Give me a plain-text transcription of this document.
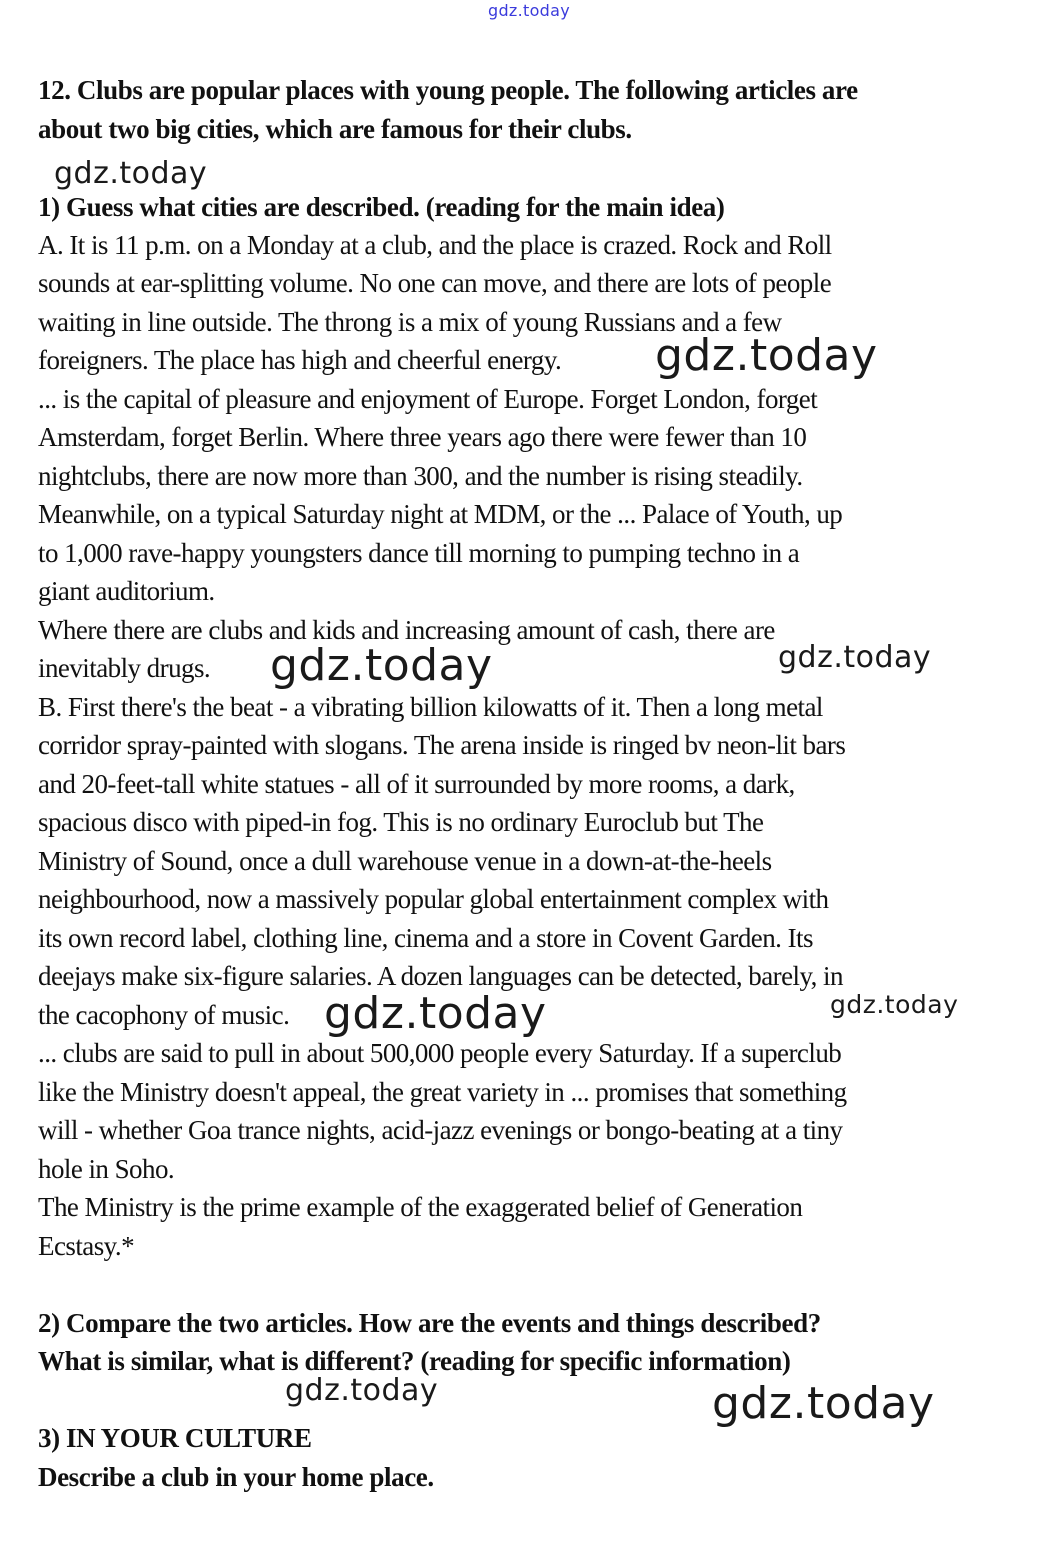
gdz.today
12. Clubs are popular places with young people. The following articles are
about two big cities, which are famous for their clubs.
gdz.today
1) Guess what cities are described. (reading for the main idea)
A. It is 11 p.m. on a Monday at a club, and the place is crazed. Rock and Roll
sounds at ear-splitting volume. No one can move, and there are lots of people
waiting in line outside. The throng is a mix of young Russians and a few
foreigners. The place has high and cheerful energy. gdz.today
... is the capital of pleasure and enjoyment of Europe. Forget London, forget
Amsterdam, forget Berlin. Where three years ago there were fewer than 10
nightclubs, there are now more than 300, and the number is rising steadily.
Meanwhile, on a typical Saturday night at MDM, or the ... Palace of Youth, up
to 1,000 rave-happy youngsters dance till morning to pumping techno in a
giant auditorium.
Where there are clubs and kids and increasing amount of cash, there are
inevitably drugs. gdz.today	gdz.today
B. First there's the beat - a vibrating billion kilowatts of it. Then a long metal
corridor spray-painted with slogans. The arena inside is ringed bv neon-lit bars
and 20-feet-tall white statues - all of it surrounded by more rooms, a dark,
spacious disco with piped-in fog. This is no ordinary Euroclub but The
Ministry of Sound, once a dull warehouse venue in a down-at-the-heels
neighbourhood, now a massively popular global entertainment complex with
its own record label, clothing line, cinema and a store in Covent Garden. Its
deejays make six-figure salaries. A dozen languages can be detected, barely, in
the cacophony of music. gdz.today	gdz.today
... clubs are said to pull in about 500,000 people every Saturday. If a superclub
like the Ministry doesn't appeal, the great variety in ... promises that something
will - whether Goa trance nights, acid-jazz evenings or bongo-beating at a tiny
hole in Soho.
The Ministry is the prime example of the exaggerated belief of Generation
Ecstasy.*
2) Compare the two articles. How are the events and things described?
What is similar, what is different? (reading for specific information)
gdz.today	gdz.today
3) IN YOUR CULTURE
Describe a club in your home place.
